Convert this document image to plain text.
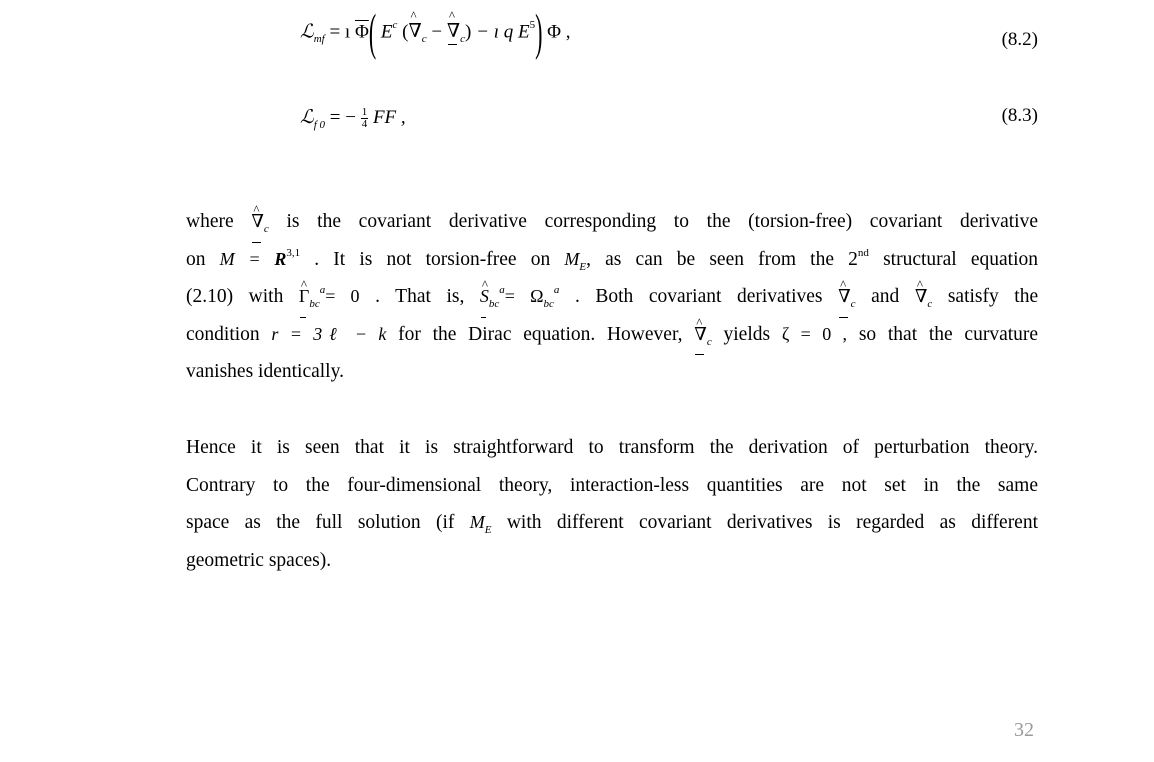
ℒ$_{mf}$ = ı $\overline{\Phi}$( $E^c$ (^ $\nabla_c$ − ^ $\nabla_c$) − ı q $E^5$) Φ ,	(8.2)
ℒ$_{f 0}$ = − $\frac{1}{4}$ FF ,	(8.3)
where ^ $\nabla_c$ is the covariant derivative corresponding to the (torsion-free) covariant derivative
on M = R$^{3,1}$ . It is not torsion-free on $M_E$, as can be seen from the 2nd structural equation
(2.10) with ^ $\Gamma_{bc}^a= 0$ . That is, ^ $S_{bc}^a= \Omega_{bc}^a$ . Both covariant derivatives ^ $\nabla_c$ and ^ $\nabla_c$ satisfy the
condition r = 3ℓ − k for the Dirac equation. However, ^ $\nabla_c$ yields ζ = 0 , so that the curvature
vanishes identically.
Hence it is seen that it is straightforward to transform the derivation of perturbation theory.
Contrary to the four-dimensional theory, interaction-less quantities are not set in the same
space as the full solution (if $M_E$ with different covariant derivatives is regarded as different
geometric spaces).
32
